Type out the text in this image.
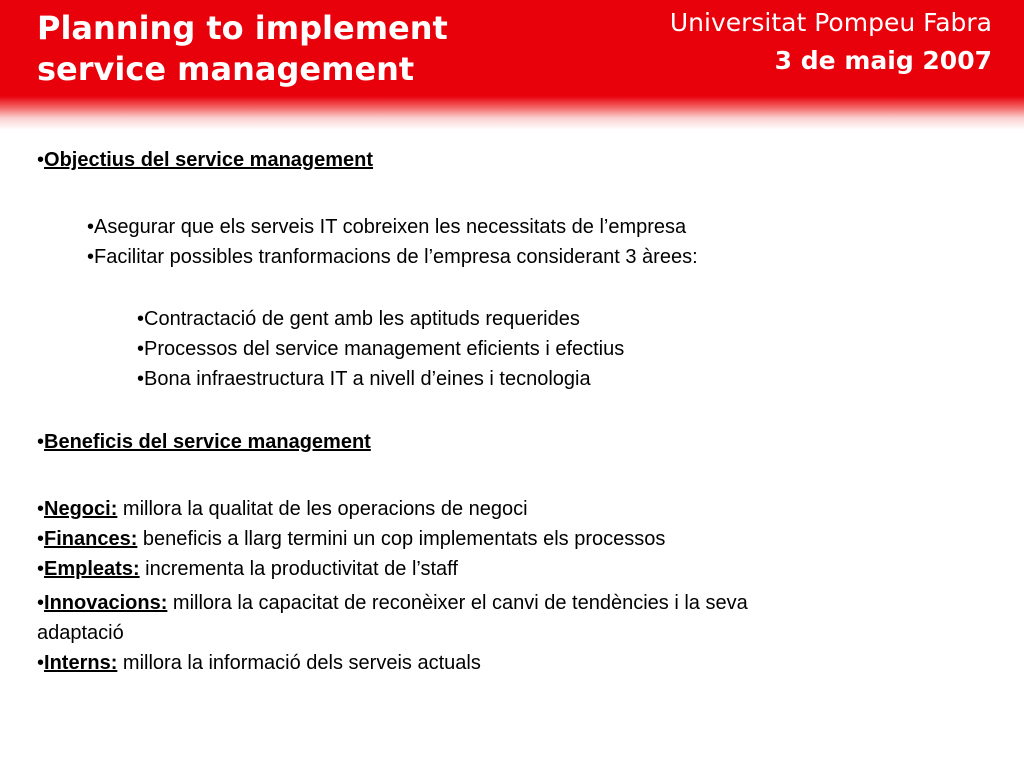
Planning to implement
service management
Universitat Pompeu Fabra
3 de maig 2007
•Objectius del service management
•Asegurar que els serveis IT cobreixen les necessitats de l’empresa
•Facilitar possibles tranformacions de l’empresa considerant 3 àrees:
•Contractació de gent amb les aptituds requerides
•Processos del service management eficients i efectius
•Bona infraestructura IT a nivell d’eines i tecnologia
•Beneficis del service management
•Negoci: millora la qualitat de les operacions de negoci
•Finances: beneficis a llarg termini un cop implementats els processos
•Empleats: incrementa la productivitat de l’staff
•Innovacions: millora la capacitat de reconèixer el canvi de tendències i la seva
adaptació
•Interns: millora la informació dels serveis actuals
